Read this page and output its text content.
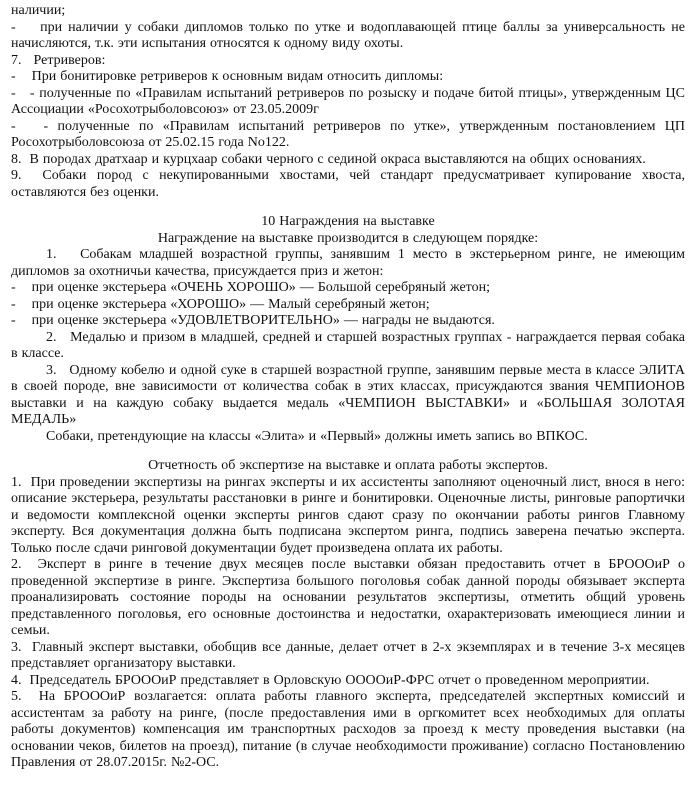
наличии;

-    при наличии у собаки дипломов только по утке и водоплавающей птице баллы за универсальность не начисляются, т.к. эти испытания относятся к одному виду охоты.

7.   Ретриверов:

-    При бонитировке ретриверов к основным видам относить дипломы:

-   - полученные по «Правилам испытаний ретриверов по розыску и подаче битой птицы», утвержденным ЦС Ассоциации «Росохотрыболовсоюз» от 23.05.2009г

-   - полученные по «Правилам испытаний ретриверов по утке», утвержденным постановлением ЦП Росохотрыболовсоюза от 25.02.15 года No122.

8.  В породах дратхаар и курцхаар собаки черного с сединой окраса выставляются на общих основаниях.

9.  Собаки пород с некупированными хвостами, чей стандарт предусматривает купирование хвоста, оставляются без оценки.

10 Награждения на выставке

Награждение на выставке производится в следующем порядке:

1.   Собакам младшей возрастной группы, занявшим 1 место в экстерьерном ринге, не имеющим дипломов за охотничьи качества, присуждается приз и жетон:

-    при оценке экстерьера «ОЧЕНЬ ХОРОШО» — Большой серебряный жетон;

-    при оценке экстерьера «ХОРОШО» — Малый серебряный жетон;

-    при оценке экстерьера «УДОВЛЕТВОРИТЕЛЬНО» — награды не выдаются.

2.   Медалью и призом в младшей, средней и старшей возрастных группах - награждается первая собака в классе.

3.   Одному кобелю и одной суке в старшей возрастной группе, занявшим первые места в классе ЭЛИТА в своей породе, вне зависимости от количества собак в этих классах, присуждаются звания ЧЕМПИОНОВ выставки и на каждую собаку выдается медаль «ЧЕМПИОН ВЫСТАВКИ» и «БОЛЬШАЯ ЗОЛОТАЯ МЕДАЛЬ»

Собаки, претендующие на классы «Элита» и «Первый» должны иметь запись во ВПКОС.

Отчетность об экспертизе на выставке и оплата работы экспертов.

1.  При проведении экспертизы на рингах эксперты и их ассистенты заполняют оценочный лист, внося в него: описание экстерьера, результаты расстановки в ринге и бонитировки. Оценочные листы, ринговые рапортички и ведомости комплексной оценки эксперты рингов сдают сразу по окончании работы рингов Главному эксперту. Вся документация должна быть подписана экспертом ринга, подпись заверена печатью эксперта. Только после сдачи ринговой документации будет произведена оплата их работы.

2.  Эксперт в ринге в течение двух месяцев после выставки обязан предоставить отчет в БРОООиР о проведенной экспертизе в ринге. Экспертиза большого поголовья собак данной породы обязывает эксперта проанализировать состояние породы на основании результатов экспертизы, отметить общий уровень представленного поголовья, его основные достоинства и недостатки, охарактеризовать имеющиеся линии и семьи.

3.  Главный эксперт выставки, обобщив все данные, делает отчет в 2-х экземплярах и в течение 3-х месяцев представляет организатору выставки.

4.  Председатель БРОООиР представляет в Орловскую ООООиР-ФРС отчет о проведенном мероприятии.

5.  На БРОООиР возлагается: оплата работы главного эксперта, председателей экспертных комиссий и ассистентам за работу на ринге, (после предоставления ими в оргкомитет всех необходимых для оплаты работы документов) компенсация им транспортных расходов за проезд к месту проведения выставки (на основании чеков, билетов на проезд), питание (в случае необходимости проживание) согласно Постановлению Правления от 28.07.2015г. №2-ОС.
